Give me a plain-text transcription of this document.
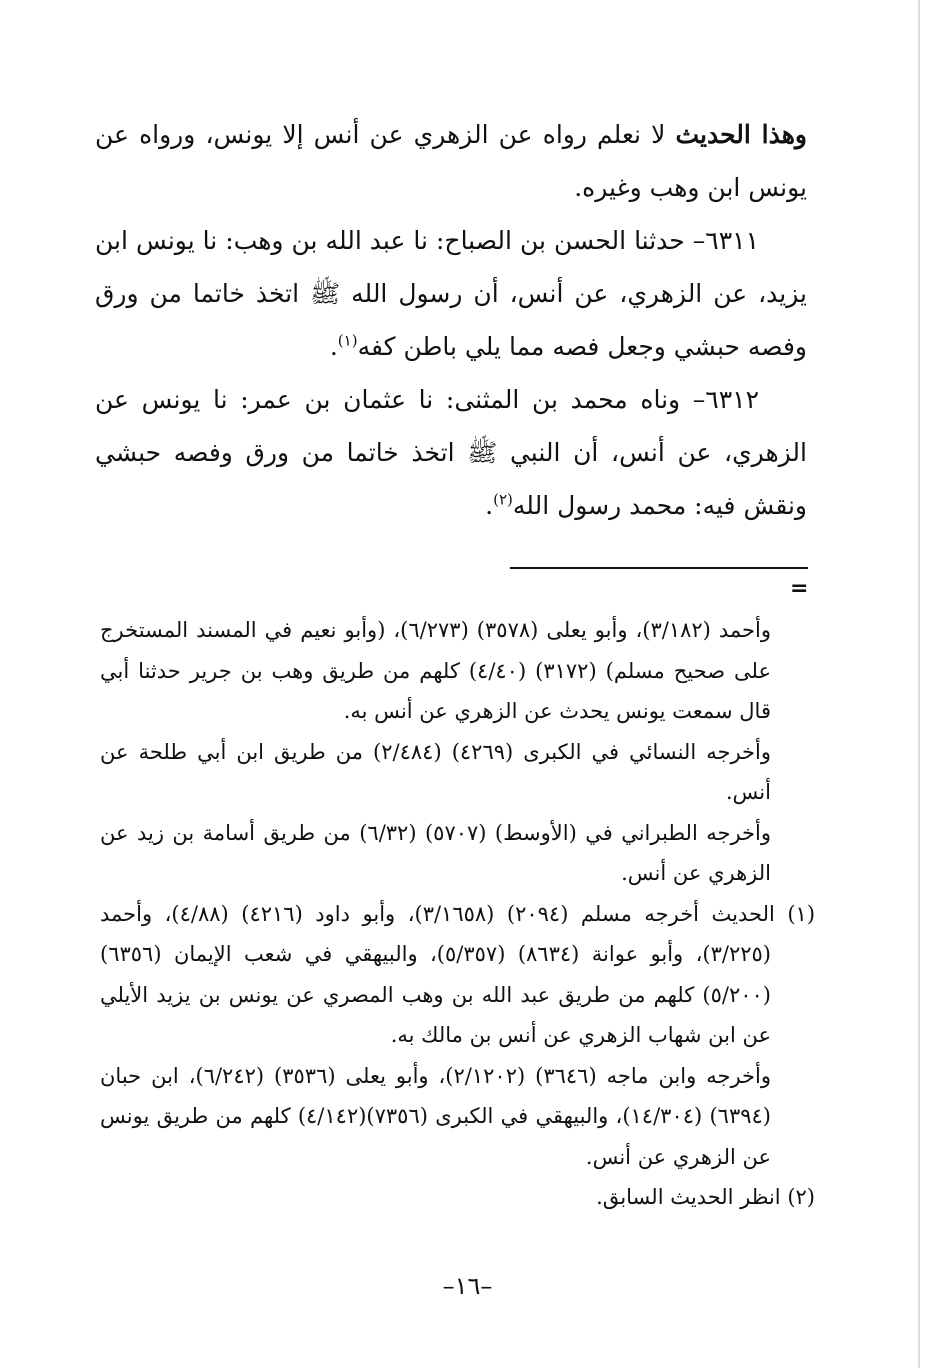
وهذا الحديث لا نعلم رواه عن الزهري عن أنس إلا يونس، ورواه عن يونس ابن وهب وغيره.

٦٣١١– حدثنا الحسن بن الصباح: نا عبد الله بن وهب: نا يونس ابن يزيد، عن الزهري، عن أنس، أن رسول الله ﷺ اتخذ خاتما من ورق وفصه حبشي وجعل فصه مما يلي باطن كفه$^{(١)}$.

٦٣١٢– وناه محمد بن المثنى: نا عثمان بن عمر: نا يونس عن الزهري، عن أنس، أن النبي ﷺ اتخذ خاتما من ورق وفصه حبشي ونقش فيه: محمد رسول الله$^{(٢)}$.

=

وأحمد (٣/١٨٢)، وأبو يعلى (٣٥٧٨) (٦/٢٧٣)، (وأبو نعيم في المسند المستخرج على صحيح مسلم) (٣١٧٢) (٤/٤٠) كلهم من طريق وهب بن جرير حدثنا أبي قال سمعت يونس يحدث عن الزهري عن أنس به.

وأخرجه النسائي في الكبرى (٤٢٦٩) (٢/٤٨٤) من طريق ابن أبي طلحة عن أنس.

وأخرجه الطبراني في (الأوسط) (٥٧٠٧) (٦/٣٢) من طريق أسامة بن زيد عن الزهري عن أنس.

(١) الحديث أخرجه مسلم (٢٠٩٤) (٣/١٦٥٨)، وأبو داود (٤٢١٦) (٤/٨٨)، وأحمد (٣/٢٢٥)، وأبو عوانة (٨٦٣٤) (٥/٣٥٧)، والبيهقي في شعب الإيمان (٦٣٥٦) (٥/٢٠٠) كلهم من طريق عبد الله بن وهب المصري عن يونس بن يزيد الأيلي عن ابن شهاب الزهري عن أنس بن مالك به.

وأخرجه وابن ماجه (٣٦٤٦) (٢/١٢٠٢)، وأبو يعلى (٣٥٣٦) (٦/٢٤٢)، ابن حبان (٦٣٩٤) (١٤/٣٠٤)، والبيهقي في الكبرى (٧٣٥٦)(٤/١٤٢) كلهم من طريق يونس عن الزهري عن أنس.

(٢) انظر الحديث السابق.

–١٦–
